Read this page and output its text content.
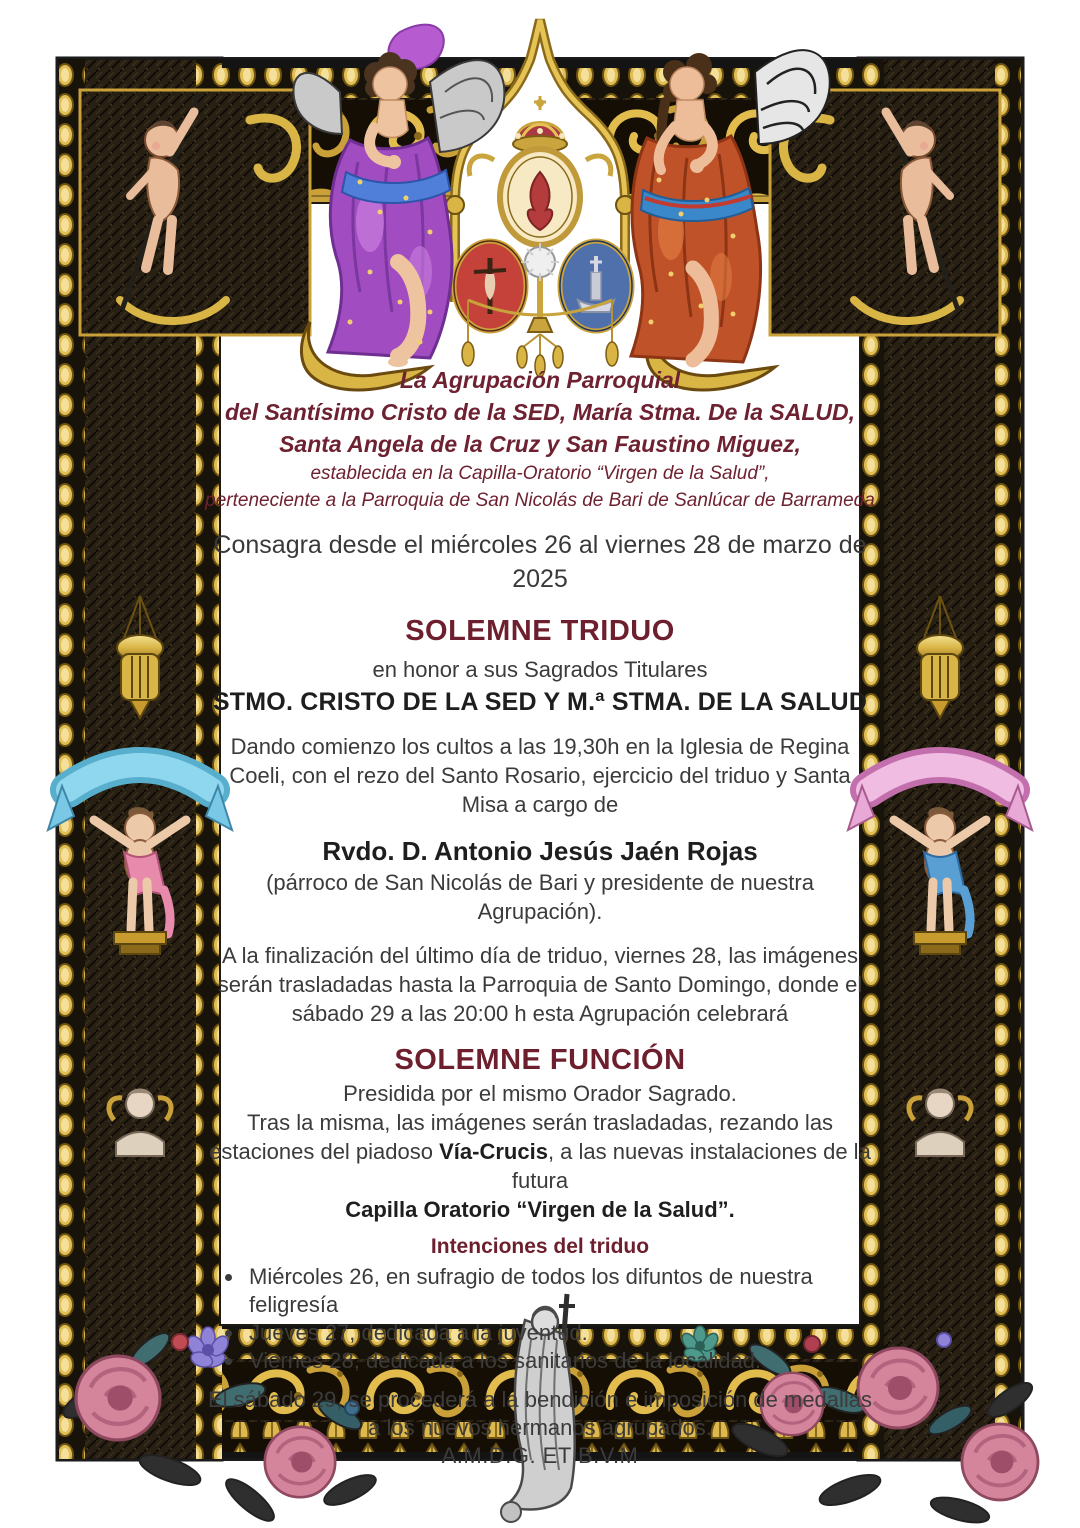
La Agrupación Parroquial

del Santísimo Cristo de la SED, María Stma. De la SALUD,

Santa Angela de la Cruz y San Faustino Miguez,

establecida en la Capilla-Oratorio “Virgen de la Salud”,

perteneciente a la Parroquia de San Nicolás de Bari de Sanlúcar de Barrameda

Consagra desde el miércoles 26 al viernes 28 de marzo de 2025

SOLEMNE TRIDUO

en honor a sus Sagrados Titulares

STMO. CRISTO DE LA SED Y M.ª STMA. DE LA SALUD

Dando comienzo los cultos a las 19,30h en la Iglesia de Regina Coeli, con el rezo del Santo Rosario, ejercicio del triduo y Santa Misa a cargo de

Rvdo. D. Antonio Jesús Jaén Rojas

(párroco de San Nicolás de Bari y presidente de nuestra Agrupación).

A la finalización del último día de triduo, viernes 28, las imágenes serán trasladadas hasta la Parroquia de Santo Domingo, donde el sábado 29 a las 20:00 h esta Agrupación celebrará

SOLEMNE FUNCIÓN

Presidida por el mismo Orador Sagrado.

Tras la misma, las imágenes serán trasladadas, rezando las estaciones del piadoso Vía-Crucis, a las nuevas instalaciones de la futura

Capilla Oratorio “Virgen de la Salud”.

Intenciones del triduo

• Miércoles 26, en sufragio de todos los difuntos de nuestra feligresía
• Jueves 27, dedicada a la juventud.
• Viernes 28, dedicada a los sanitarios de la localidad.

El sábado 29, se procederá a la bendición e imposición de medallas a los nuevos hermanos agrupados.

A.M.D.G. ET B.V.M
